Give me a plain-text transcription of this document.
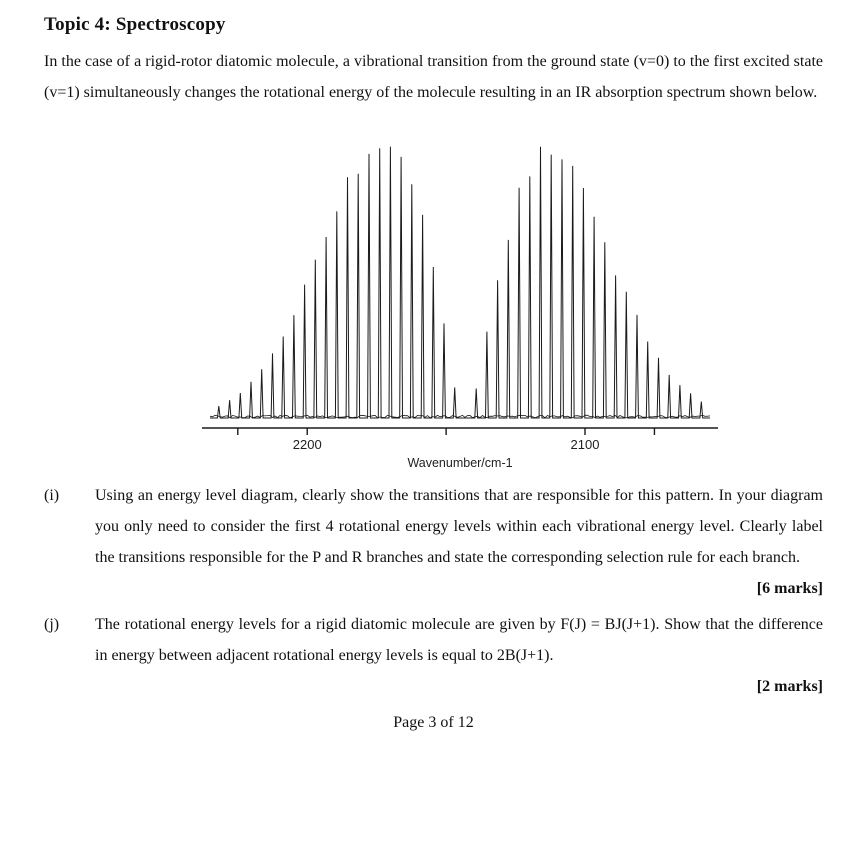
Topic 4: Spectroscopy

In the case of a rigid-rotor diatomic molecule, a vibrational transition from the ground state (v=0) to the first excited state (v=1) simultaneously changes the rotational energy of the molecule resulting in an IR absorption spectrum shown below.

2200	2100
Wavenumber/cm-1
(i)	Using an energy level diagram, clearly show the transitions that are responsible for this pattern. In your diagram you only need to consider the first 4 rotational energy levels within each vibrational energy level. Clearly label the transitions responsible for the P and R branches and state the corresponding selection rule for each branch.
[6 marks]
(j)	The rotational energy levels for a rigid diatomic molecule are given by F(J) = BJ(J+1). Show that the difference in energy between adjacent rotational energy levels is equal to 2B(J+1).
[2 marks]
Page 3 of 12
